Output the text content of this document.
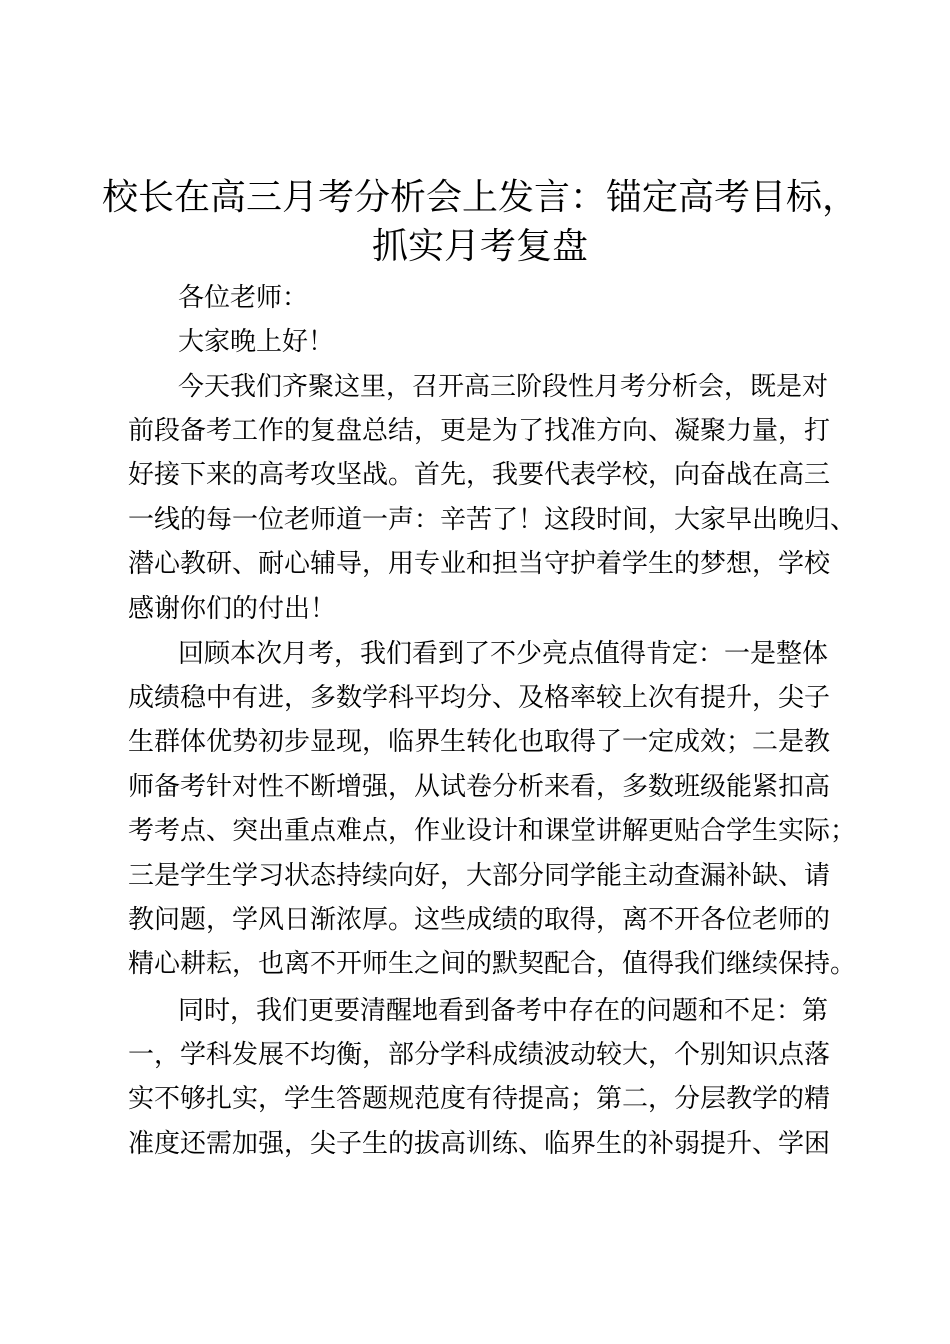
校长在高三月考分析会上发言：锚定高考目标，
抓实月考复盘

各位老师：

大家晚上好！

今天我们齐聚这里，召开高三阶段性月考分析会，既是对

前段备考工作的复盘总结，更是为了找准方向、凝聚力量，打

好接下来的高考攻坚战。首先，我要代表学校，向奋战在高三

一线的每一位老师道一声：辛苦了！这段时间，大家早出晚归、

潜心教研、耐心辅导，用专业和担当守护着学生的梦想，学校

感谢你们的付出！

回顾本次月考，我们看到了不少亮点值得肯定：一是整体

成绩稳中有进，多数学科平均分、及格率较上次有提升，尖子

生群体优势初步显现，临界生转化也取得了一定成效；二是教

师备考针对性不断增强，从试卷分析来看，多数班级能紧扣高

考考点、突出重点难点，作业设计和课堂讲解更贴合学生实际；

三是学生学习状态持续向好，大部分同学能主动查漏补缺、请

教问题，学风日渐浓厚。这些成绩的取得，离不开各位老师的

精心耕耘，也离不开师生之间的默契配合，值得我们继续保持。

同时，我们更要清醒地看到备考中存在的问题和不足：第

一，学科发展不均衡，部分学科成绩波动较大，个别知识点落

实不够扎实，学生答题规范度有待提高；第二，分层教学的精

准度还需加强，尖子生的拔高训练、临界生的补弱提升、学困
